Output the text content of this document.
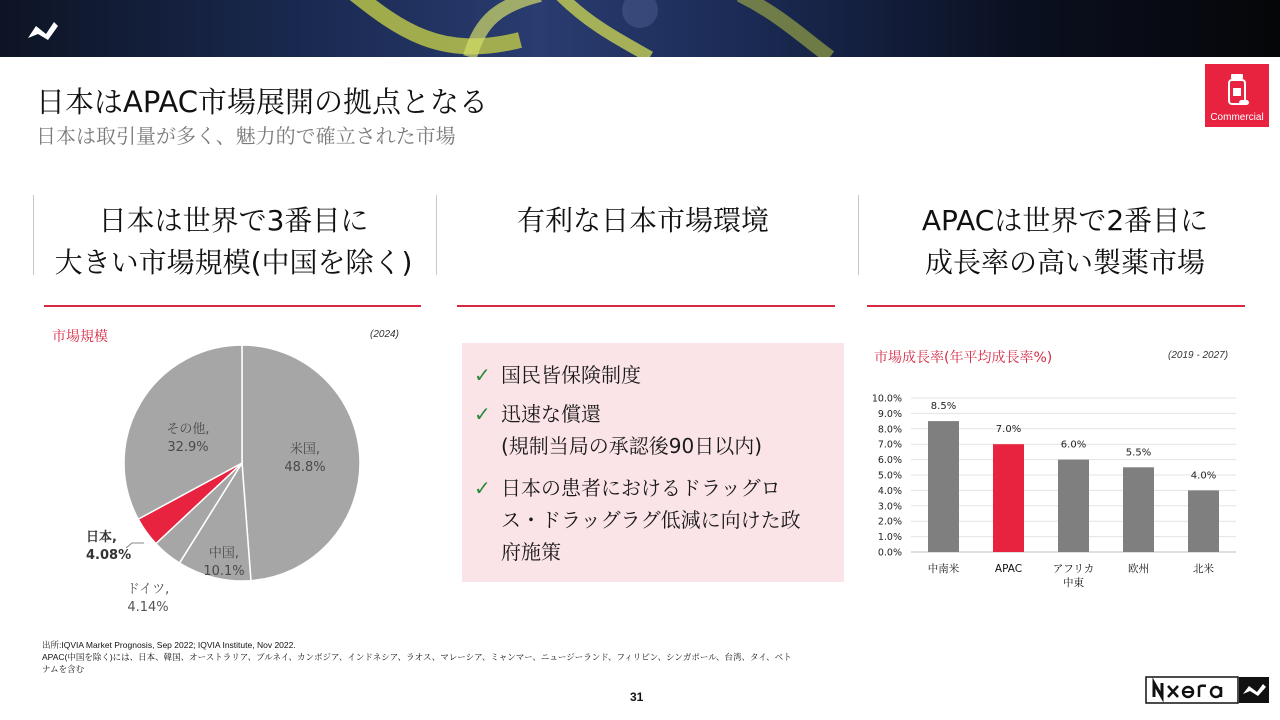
日本はAPAC市場展開の拠点となる
日本は取引量が多く、魅力的で確立された市場
Commercial
日本は世界で3番目に
大きい市場規模(中国を除く)
有利な日本市場環境	APACは世界で2番目に
成長率の高い製薬市場
市場規模	(2024)
米国,
48.8%
中国,
10.1%
ドイツ,
4.14%
日本,
4.08%
その他,
32.9%
✓ 国民皆保険制度
✓ 迅速な償還
(規制当局の承認後90日以内)
✓ 日本の患者におけるドラッグロ
ス・ドラッグラグ低減に向けた政
府施策
市場成長率(年平均成長率%)	(2019 - 2027)
0.0%
1.0%
2.0%
3.0%
4.0%
5.0%
6.0%
7.0%
8.0%
9.0%
10.0%
8.5%
中南米
7.0%
APAC
6.0%
アフリカ
中東
5.5%
欧州
4.0%
北米
出所:IQVIA Market Prognosis, Sep 2022; IQVIA Institute, Nov 2022.
APAC(中国を除く)には、日本、韓国、オーストラリア、ブルネイ、カンボジア、インドネシア、ラオス、マレーシア、ミャンマー、ニュージーランド、フィリピン、シンガポール、台湾、タイ、ベト
ナムを含む
31
